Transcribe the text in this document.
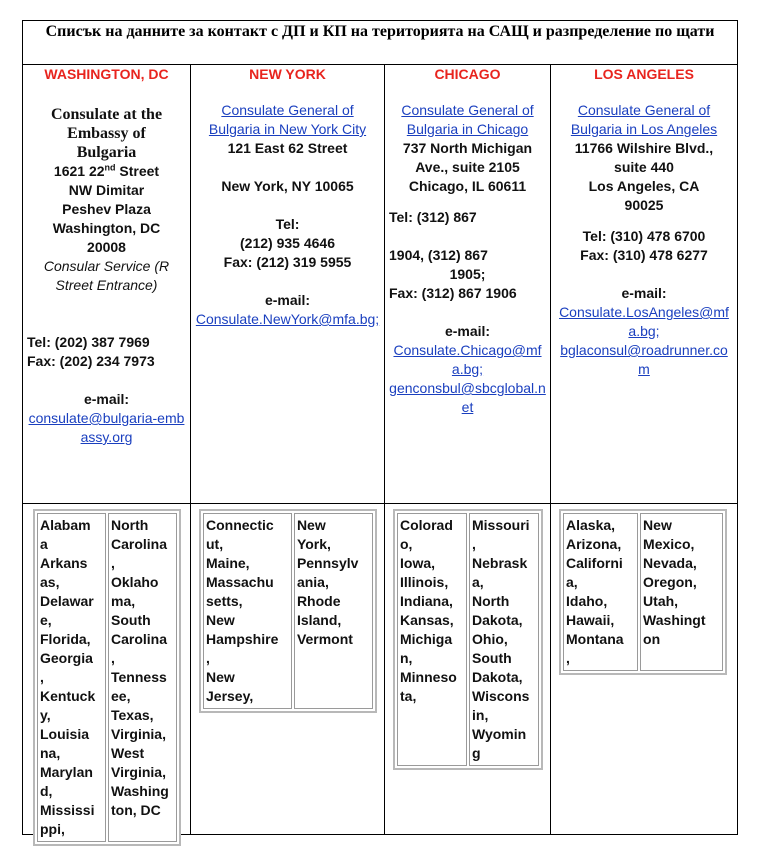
Списък на данните за контакт с ДП и КП на територията на САЩ и разпределение по щати
WASHINGTON, DC
Consulate at the
Embassy of
Bulgaria
1621 22nd Street
NW Dimitar
Peshev Plaza
Washington, DC
20008
Consular Service (R
Street Entrance)
Tel: (202) 387 7969
Fax: (202) 234 7973
e-mail:
consulate@bulgaria-embassy.org
Alabam
a
Arkans
as,
Delawar
e,
Florida,
Georgia
,
Kentuck
y,
Louisia
na,
Marylan
d,
Mississi
ppi,
North
Carolina
,
Oklaho
ma,
South
Carolina
,
Tenness
ee,
Texas,
Virginia,
West
Virginia,
Washing
ton, DC
NEW YORK
Consulate General of Bulgaria in New York City
121 East 62 Street
New York, NY 10065
Tel:
(212) 935 4646
Fax: (212) 319 5955
e-mail:
Consulate.NewYork@mfa.bg;
Connectic
ut,
Maine,
Massachu
setts,
New
Hampshire
,
New
Jersey,
New
York,
Pennsylv
ania,
Rhode
Island,
Vermont
CHICAGO
Consulate General of Bulgaria in Chicago
737 North Michigan
Ave., suite 2105
Chicago, IL 60611
Tel: (312) 867
1904, (312) 867
1905;
Fax: (312) 867 1906
e-mail:
Consulate.Chicago@mfa.bg;
genconsbul@sbcglobal.net
Colorad
o,
Iowa,
Illinois,
Indiana,
Kansas,
Michiga
n,
Minneso
ta,
Missouri
,
Nebrask
a,
North
Dakota,
Ohio,
South
Dakota,
Wiscons
in,
Wyomin
g
LOS ANGELES
Consulate General of Bulgaria in Los Angeles
11766 Wilshire Blvd.,
suite 440
Los Angeles, CA
90025
Tel: (310) 478 6700
Fax: (310) 478 6277
e-mail:
Consulate.LosAngeles@mfa.bg;
bglaconsul@roadrunner.com
Alaska,
Arizona,
Californi
a,
Idaho,
Hawaii,
Montana
,
New
Mexico,
Nevada,
Oregon,
Utah,
Washingt
on
